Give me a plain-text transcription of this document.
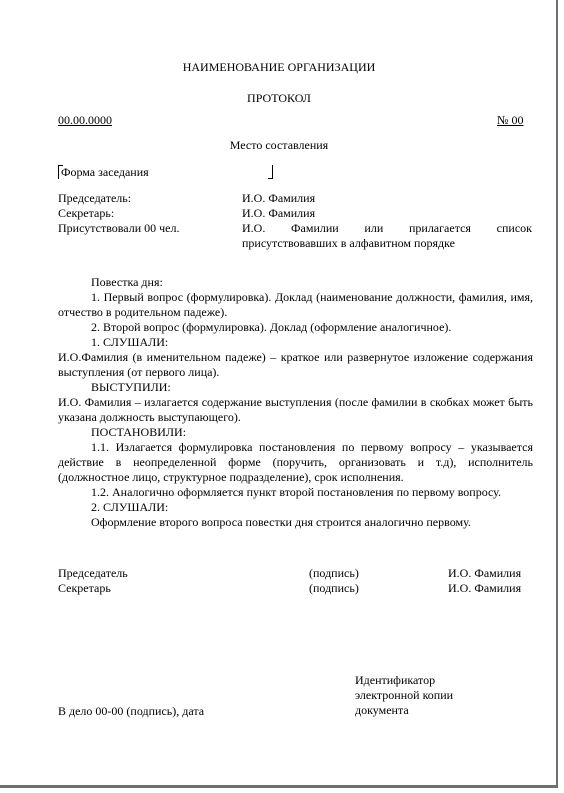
НАИМЕНОВАНИЕ ОРГАНИЗАЦИИ
ПРОТОКОЛ
00.00.0000	№ 00
Место составления
Форма заседания
Председатель:	И.О. Фамилия
Секретарь:	И.О. Фамилия
Присутствовали 00 чел.	И.О. Фамилии или прилагается список присутствовавших в алфавитном порядке

Повестка дня:

1. Первый вопрос (формулировка). Доклад (наименование должности, фамилия, имя, отчество в родительном падеже).

2. Второй вопрос (формулировка). Доклад (оформление аналогичное).

1. СЛУШАЛИ:

И.О.Фамилия (в именительном падеже) – краткое или развернутое изложение содержания выступления (от первого лица).

ВЫСТУПИЛИ:

И.О. Фамилия – излагается содержание выступления (после фамилии в скобках может быть указана должность выступающего).

ПОСТАНОВИЛИ:

1.1. Излагается формулировка постановления по первому вопросу – указывается действие в неопределенной форме (поручить, организовать и т.д), исполнитель (должностное лицо, структурное подразделение), срок исполнения.

1.2. Аналогично оформляется пункт второй постановления по первому вопросу.

2. СЛУШАЛИ:

Оформление второго вопроса повестки дня строится аналогично первому.

Председатель	(подпись)	И.О. Фамилия
Секретарь	(подпись)	И.О. Фамилия
В дело 00-00 (подпись), дата
Идентификатор
электронной копии
документа
